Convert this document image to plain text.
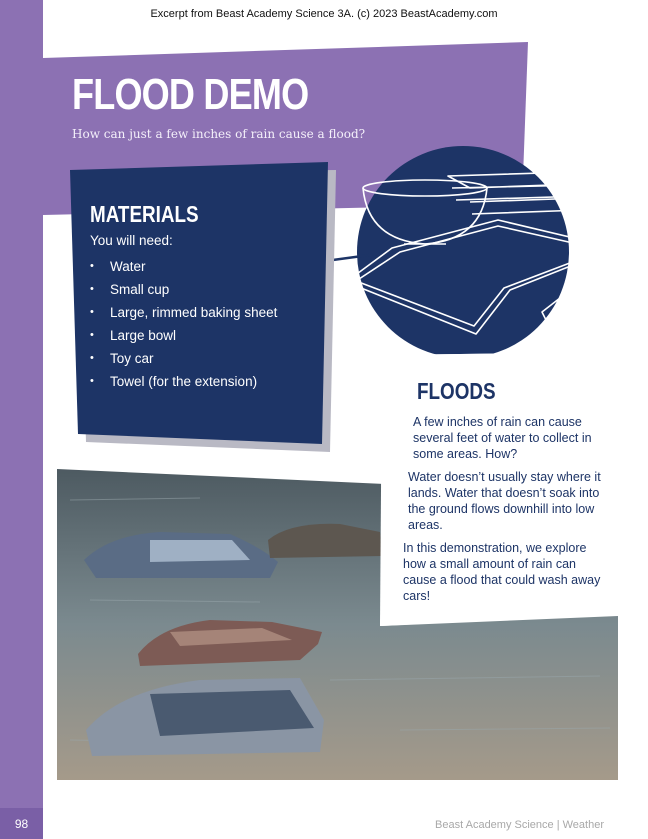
Excerpt from Beast Academy Science 3A. (c) 2023 BeastAcademy.com
FLOOD DEMO
How can just a few inches of rain cause a flood?
MATERIALS
You will need:
• Water
• Small cup
• Large, rimmed baking sheet
• Large bowl
• Toy car
• Towel (for the extension)	FLOODS

A few inches of rain can cause several feet of water to collect in some areas. How?

Water doesn’t usually stay where it lands. Water that doesn’t soak into the ground flows downhill into low areas.

In this demonstration, we explore how a small amount of rain can cause a flood that could wash away cars!

98	Beast Academy Science | Weather
